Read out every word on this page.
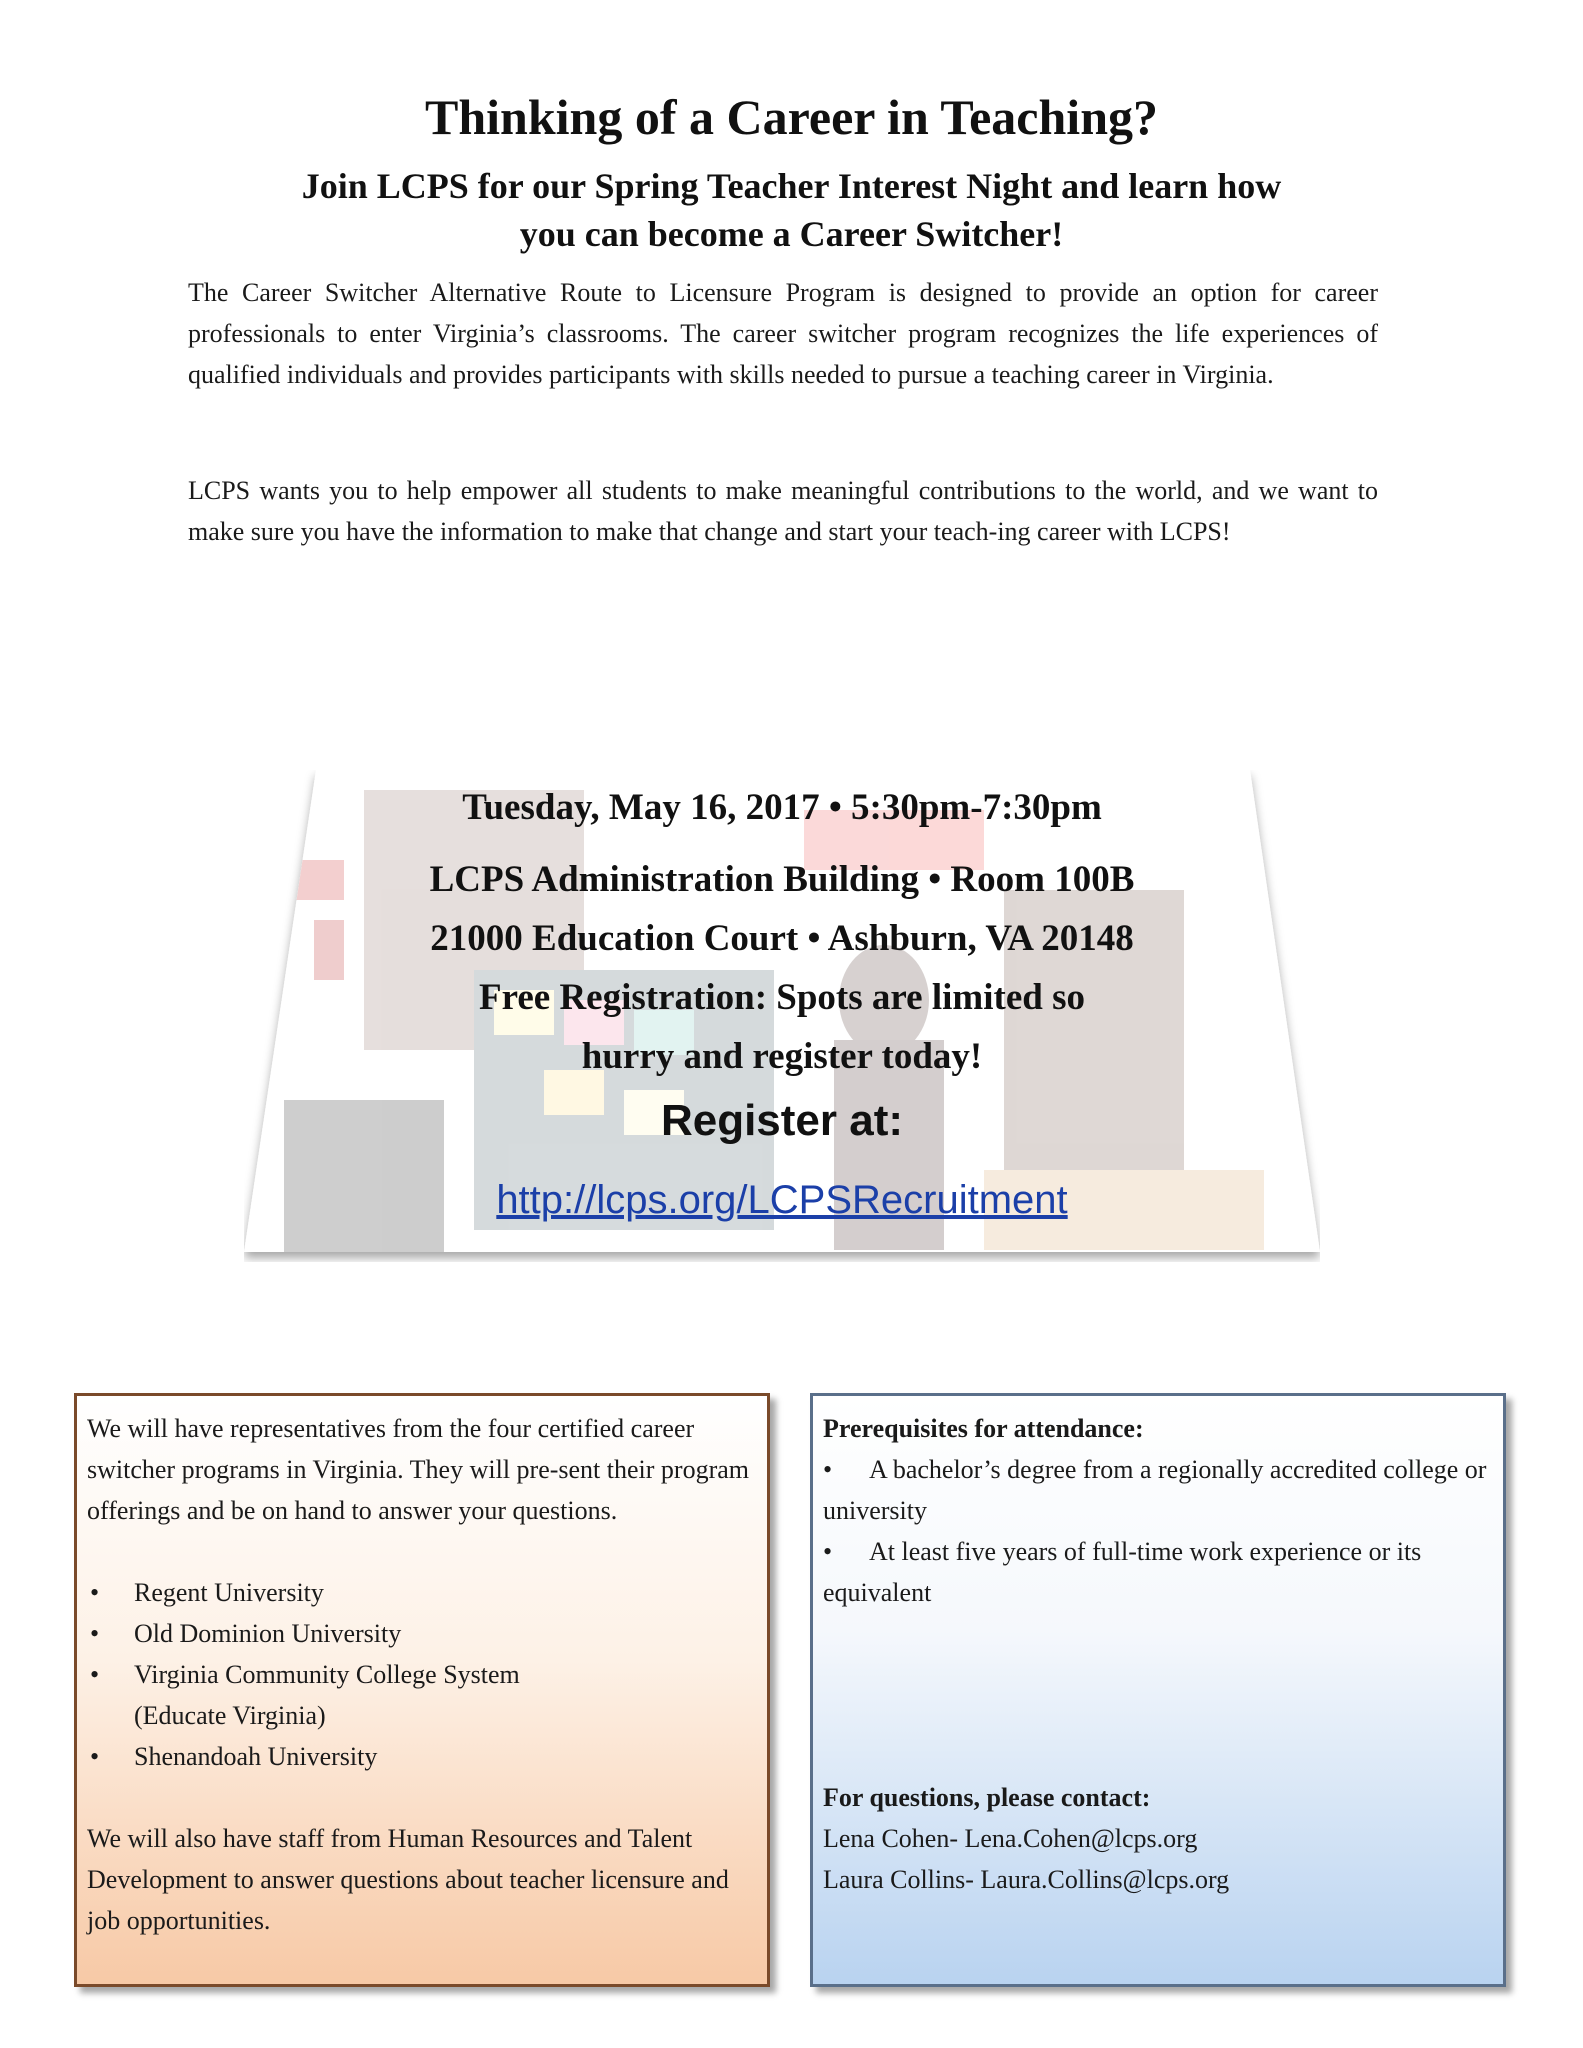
Thinking of a Career in Teaching?
Join LCPS for our Spring Teacher Interest Night and learn how
you can become a Career Switcher!

The Career Switcher Alternative Route to Licensure Program is designed to provide an option for career professionals to enter Virginia’s classrooms. The career switcher program recognizes the life experiences of qualified individuals and provides participants with skills needed to pursue a teaching career in Virginia.

LCPS wants you to help empower all students to make meaningful contributions to the world, and we want to make sure you have the information to make that change and start your teach-ing career with LCPS!

Tuesday, May 16, 2017 • 5:30pm-7:30pm

LCPS Administration Building • Room 100B

21000 Education Court • Ashburn, VA 20148

Free Registration: Spots are limited so

hurry and register today!

Register at:

http://lcps.org/LCPSRecruitment

We will have representatives from the four certified career switcher programs in Virginia. They will pre-sent their program offerings and be on hand to answer your questions.

• Regent University
• Old Dominion University
• Virginia Community College System (Educate Virginia)
• Shenandoah University

We will also have staff from Human Resources and Talent Development to answer questions about teacher licensure and job opportunities.

Prerequisites for attendance:

• A bachelor’s degree from a regionally accredited college or university
• At least five years of full-time work experience or its equivalent

For questions, please contact:

Lena Cohen- Lena.Cohen@lcps.org

Laura Collins- Laura.Collins@lcps.org
